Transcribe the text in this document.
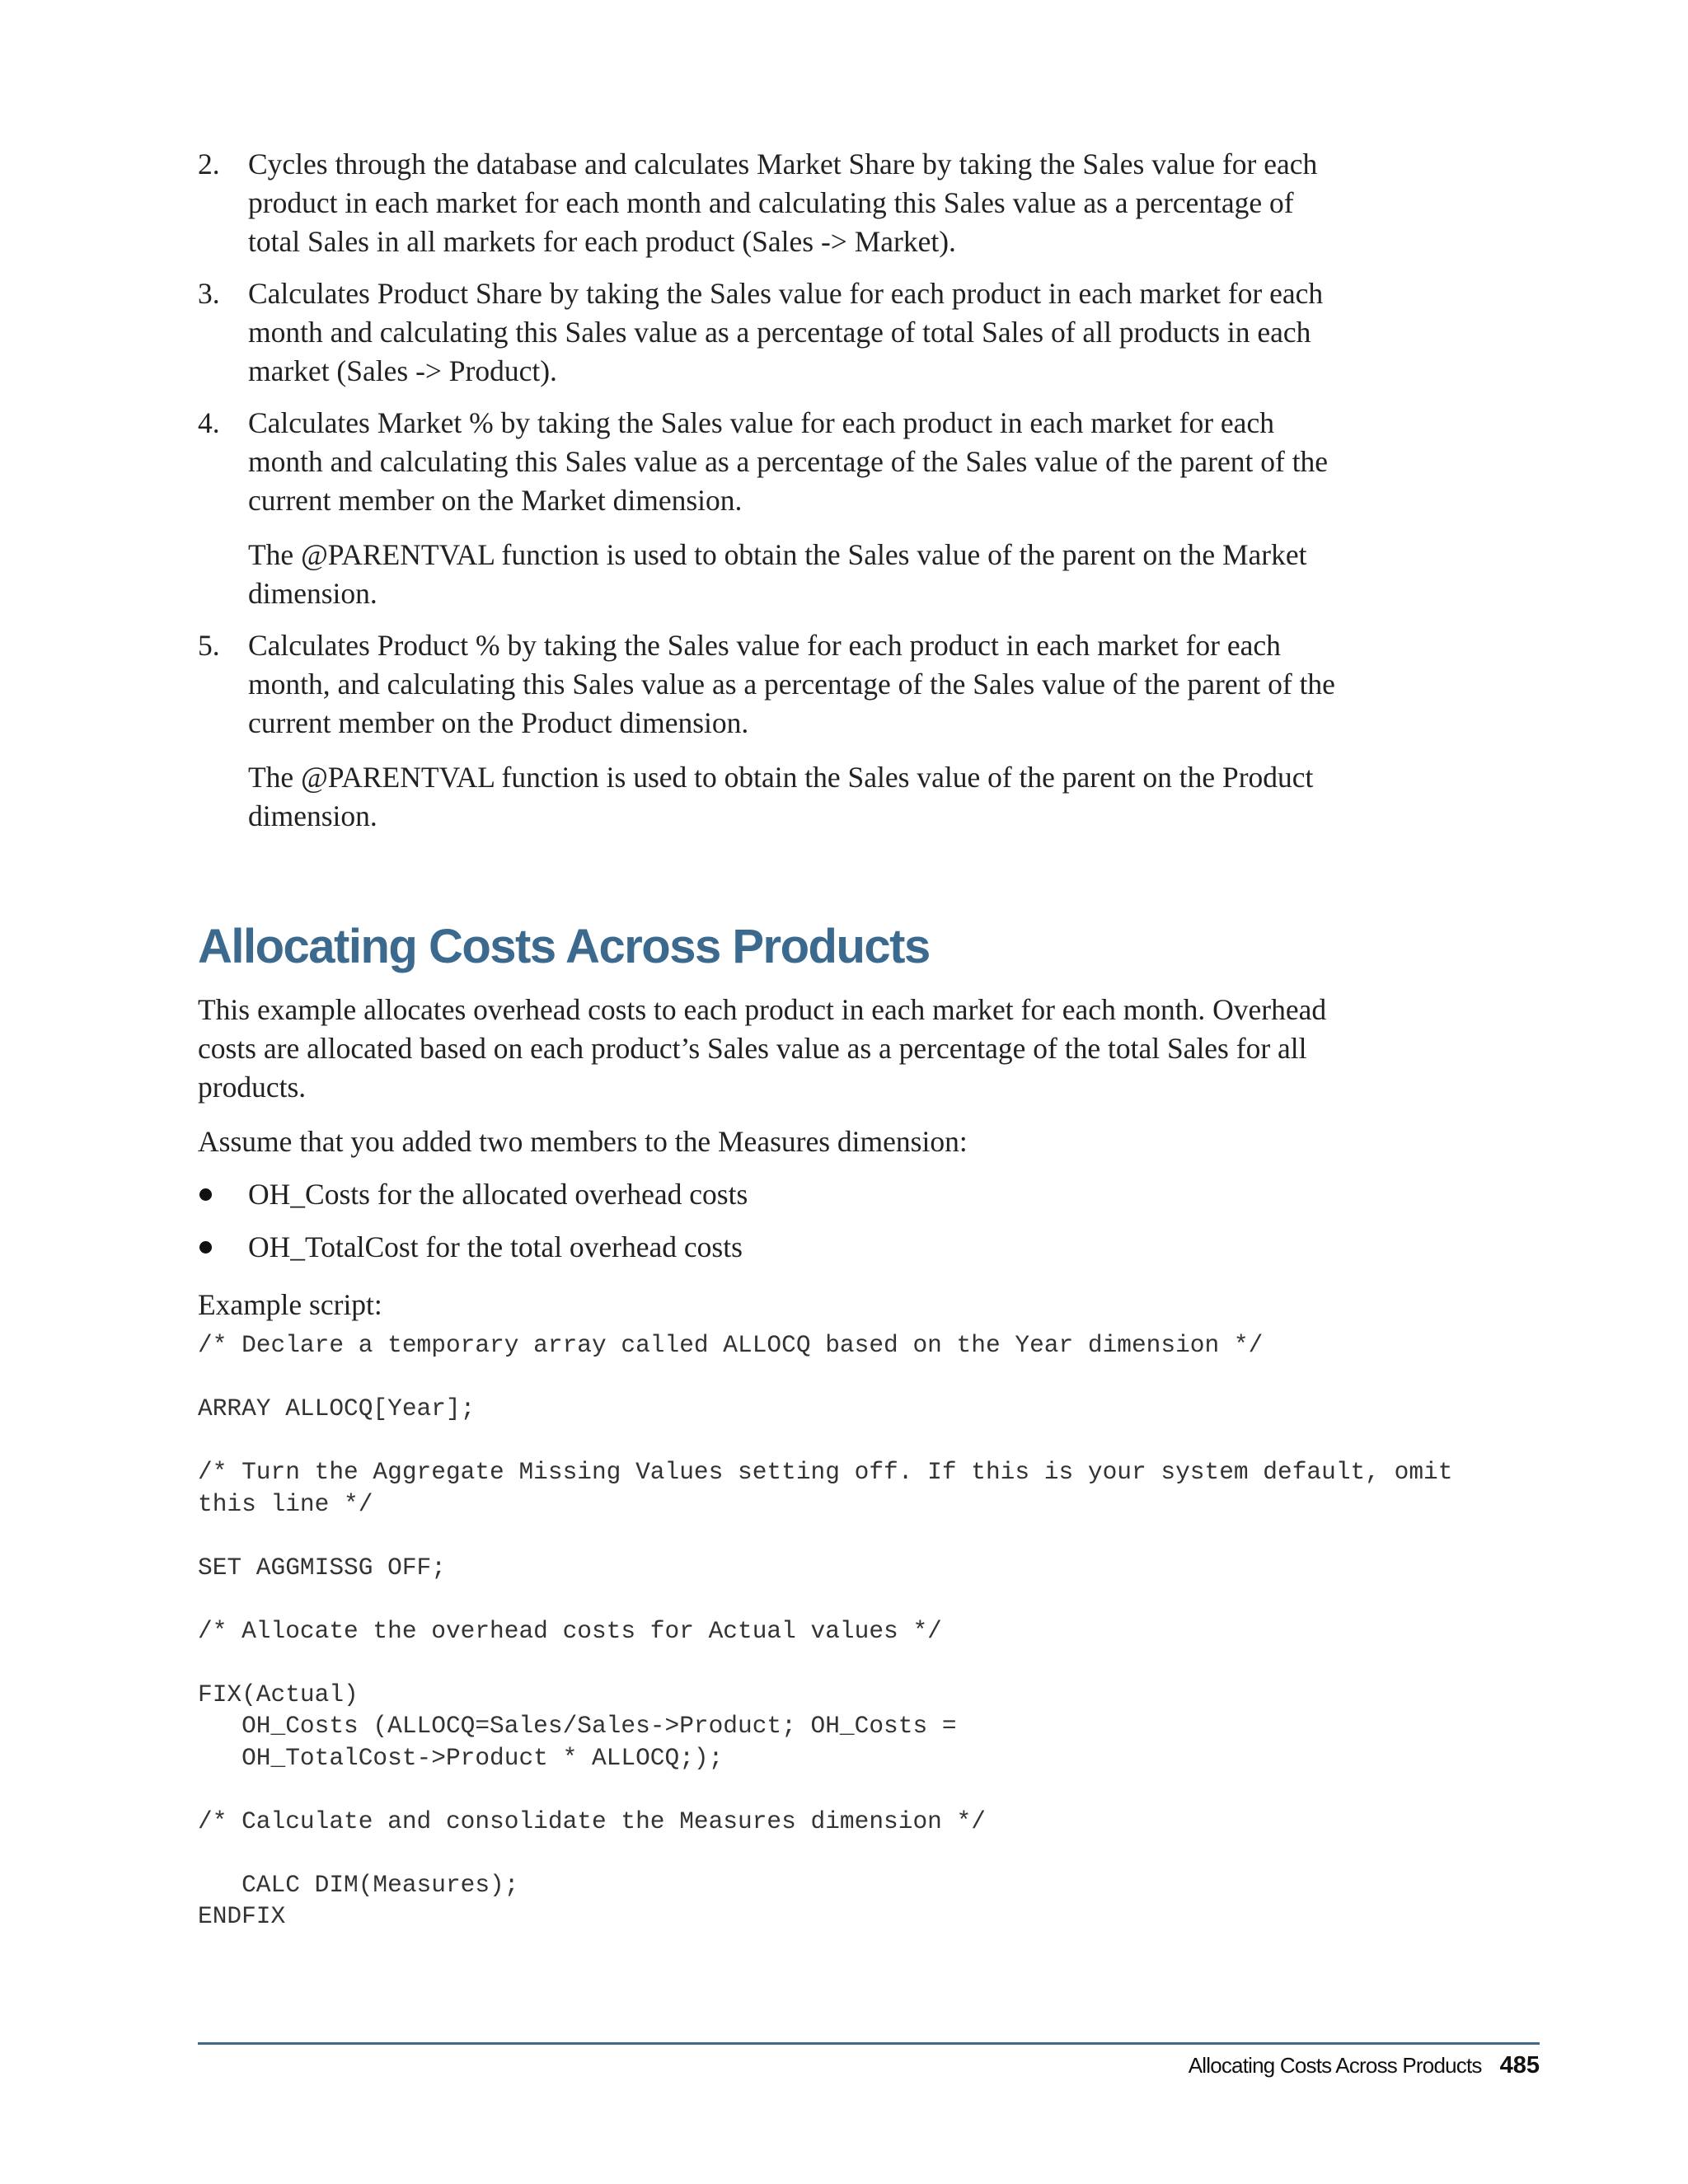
2. Cycles through the database and calculates Market Share by taking the Sales value for each product in each market for each month and calculating this Sales value as a percentage of total Sales in all markets for each product (Sales -> Market).

3. Calculates Product Share by taking the Sales value for each product in each market for each month and calculating this Sales value as a percentage of total Sales of all products in each market (Sales -> Product).

4. Calculates Market % by taking the Sales value for each product in each market for each month and calculating this Sales value as a percentage of the Sales value of the parent of the current member on the Market dimension.

The @PARENTVAL function is used to obtain the Sales value of the parent on the Market dimension.

5. Calculates Product % by taking the Sales value for each product in each market for each month, and calculating this Sales value as a percentage of the Sales value of the parent of the current member on the Product dimension.

The @PARENTVAL function is used to obtain the Sales value of the parent on the Product dimension.

Allocating Costs Across Products

This example allocates overhead costs to each product in each market for each month. Overhead costs are allocated based on each product’s Sales value as a percentage of the total Sales for all products.

Assume that you added two members to the Measures dimension:

OH_Costs for the allocated overhead costs
OH_TotalCost for the total overhead costs

Example script:

/* Declare a temporary array called ALLOCQ based on the Year dimension */

ARRAY ALLOCQ[Year];

/* Turn the Aggregate Missing Values setting off. If this is your system default, omit
this line */

SET AGGMISSG OFF;

/* Allocate the overhead costs for Actual values */

FIX(Actual)
OH_Costs (ALLOCQ=Sales/Sales->Product; OH_Costs =
OH_TotalCost->Product * ALLOCQ;);

/* Calculate and consolidate the Measures dimension */

CALC DIM(Measures);
ENDFIX
Allocating Costs Across Products 485
